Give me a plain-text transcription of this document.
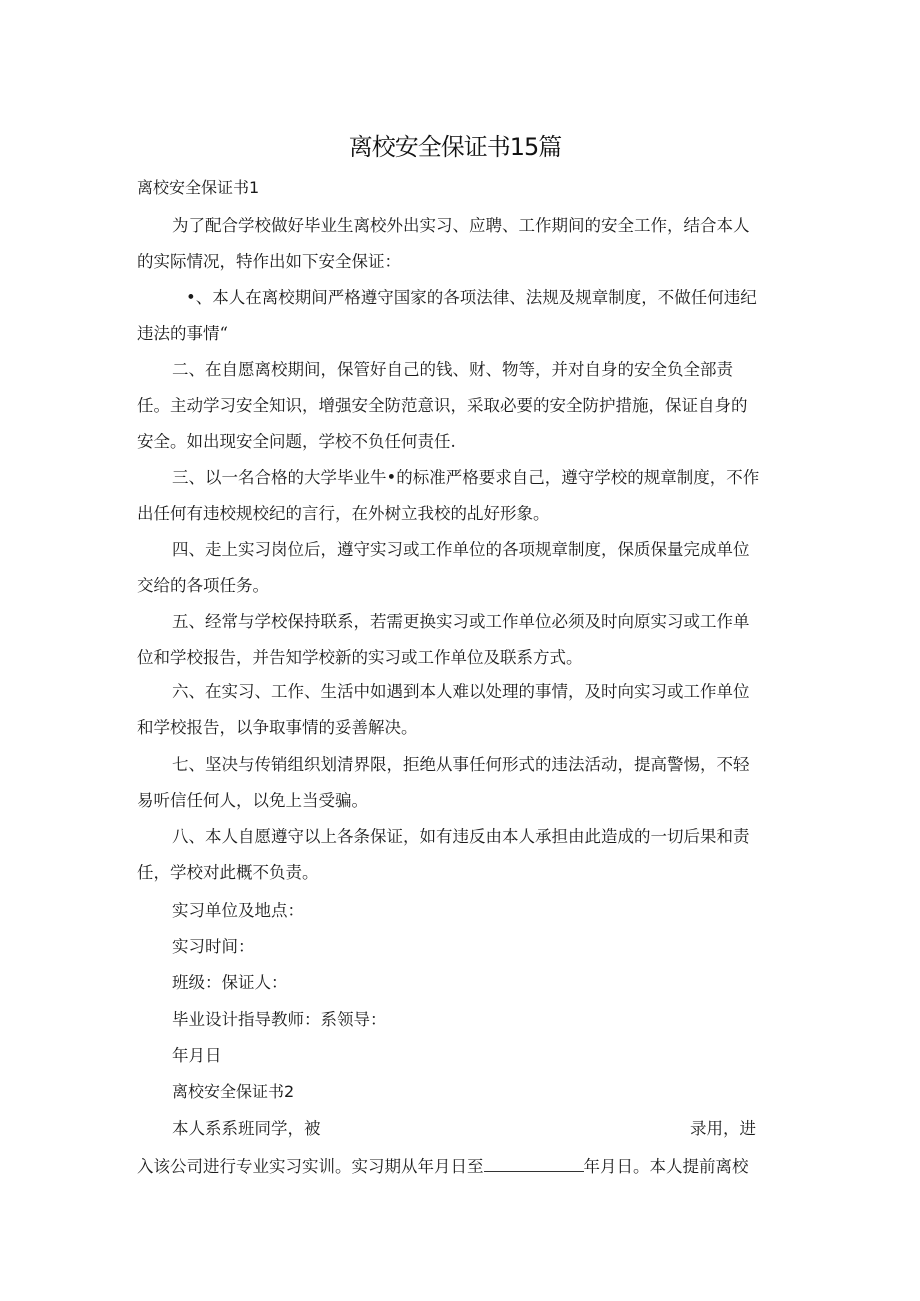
离校安全保证书15篇
离校安全保证书1
为了配合学校做好毕业生离校外出实习、应聘、工作期间的安全工作，结合本人
的实际情况，特作出如下安全保证：
•、本人在离校期间严格遵守国家的各项法律、法规及规章制度，不做任何违纪
违法的事情“
二、在自愿离校期间，保管好自己的钱、财、物等，并对自身的安全负全部责
任。主动学习安全知识，增强安全防范意识，采取必要的安全防护措施，保证自身的
安全。如出现安全问题，学校不负任何责任.
三、以一名合格的大学毕业牛•的标准严格要求自己，遵守学校的规章制度，不作
出任何有违校规校纪的言行，在外树立我校的乩好形象。
四、走上实习岗位后，遵守实习或工作单位的各项规章制度，保质保量完成单位
交给的各项任务。
五、经常与学校保持联系，若需更换实习或工作单位必须及时向原实习或工作单
位和学校报告，并告知学校新的实习或工作单位及联系方式。
六、在实习、工作、生活中如遇到本人难以处理的事情，及时向实习或工作单位
和学校报告，以争取事情的妥善解决。
七、坚决与传销组织划清界限，拒绝从事任何形式的违法活动，提高警惕，不轻
易听信任何人，以免上当受骗。
八、本人自愿遵守以上各条保证，如有违反由本人承担由此造成的一切后果和责
任，学校对此概不负责。
实习单位及地点：
实习时间：
班级：保证人：
毕业设计指导教师：系领导：
年月日
离校安全保证书2
本人系系班同学，被	录用，进
入该公司进行专业实习实训。实习期从年月日至	年月日。本人提前离校
